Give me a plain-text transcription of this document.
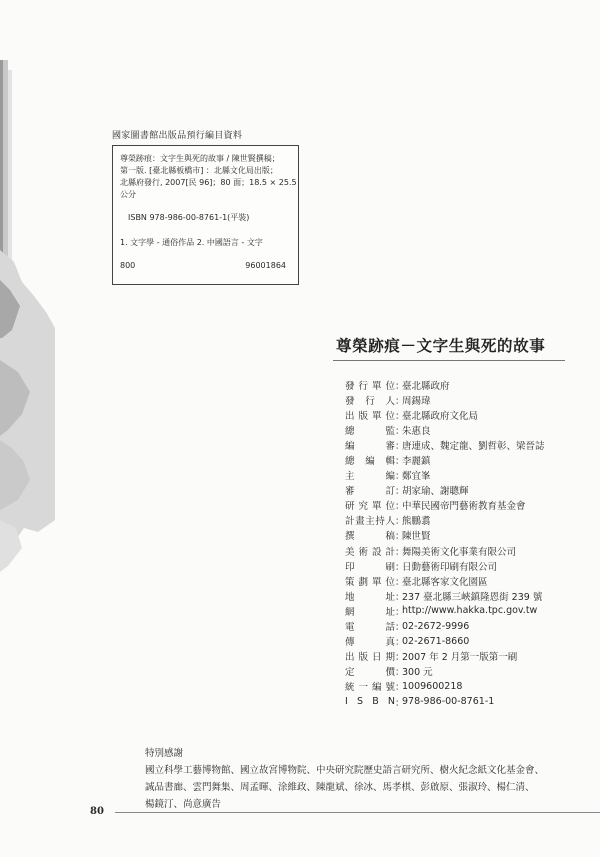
國家圖書館出版品預行編目資料
尊榮跡痕：文字生與死的故事 / 陳世賢撰稿；
第一版. [臺北縣板橋市] ：北縣文化局出版；
北縣府發行, 2007[民 96]；80 面；18.5 × 25.5
公分
ISBN 978-986-00-8761-1(平裝)
1. 文字學 - 通俗作品 2. 中國語言 - 文字
800	96001864
尊榮跡痕－文字生與死的故事
發 行 單 位 ：
臺北縣政府
發 行 人 ：
周錫瑋
出 版 單 位 ：
臺北縣政府文化局
總	監 ：
朱惠良
編	審 ：
唐連成、魏定龍、劉哲彰、梁晉誌
總 編 輯 ：
李麗鎮
主	編 ：
鄭宜峯
審	訂 ：
胡家瑜、謝聰輝
研 究 單 位 ：
中華民國帝門藝術教育基金會
計 畫 主 持 人 ：
熊鵬翥
撰	稿 ：
陳世賢
美 術 設 計 ：
舞陽美術文化事業有限公司
印	刷 ：
日動藝術印刷有限公司
策 劃 單 位 ：
臺北縣客家文化園區
地	址 ：
237 臺北縣三峽鎮隆恩街 239 號
網	址 ：
http://www.hakka.tpc.gov.tw
電	話 ：
02-2672-9996
傳	真 ：
02-2671-8660
出 版 日 期 ：
2007 年 2 月第一版第一刷
定	價 ：
300 元
統 一 編 號 ：
1009600218
I S B N ：
978-986-00-8761-1
特別感謝
國立科學工藝博物館、國立故宮博物院、中央研究院歷史語言研究所、樹火紀念紙文化基金會、
誠品書廊、雲門舞集、周孟暉、涂維政、陳龍斌、徐冰、馬孝棋、彭啟原、張淑玲、楊仁清、
楊鏡汀、尚意廣告
80
